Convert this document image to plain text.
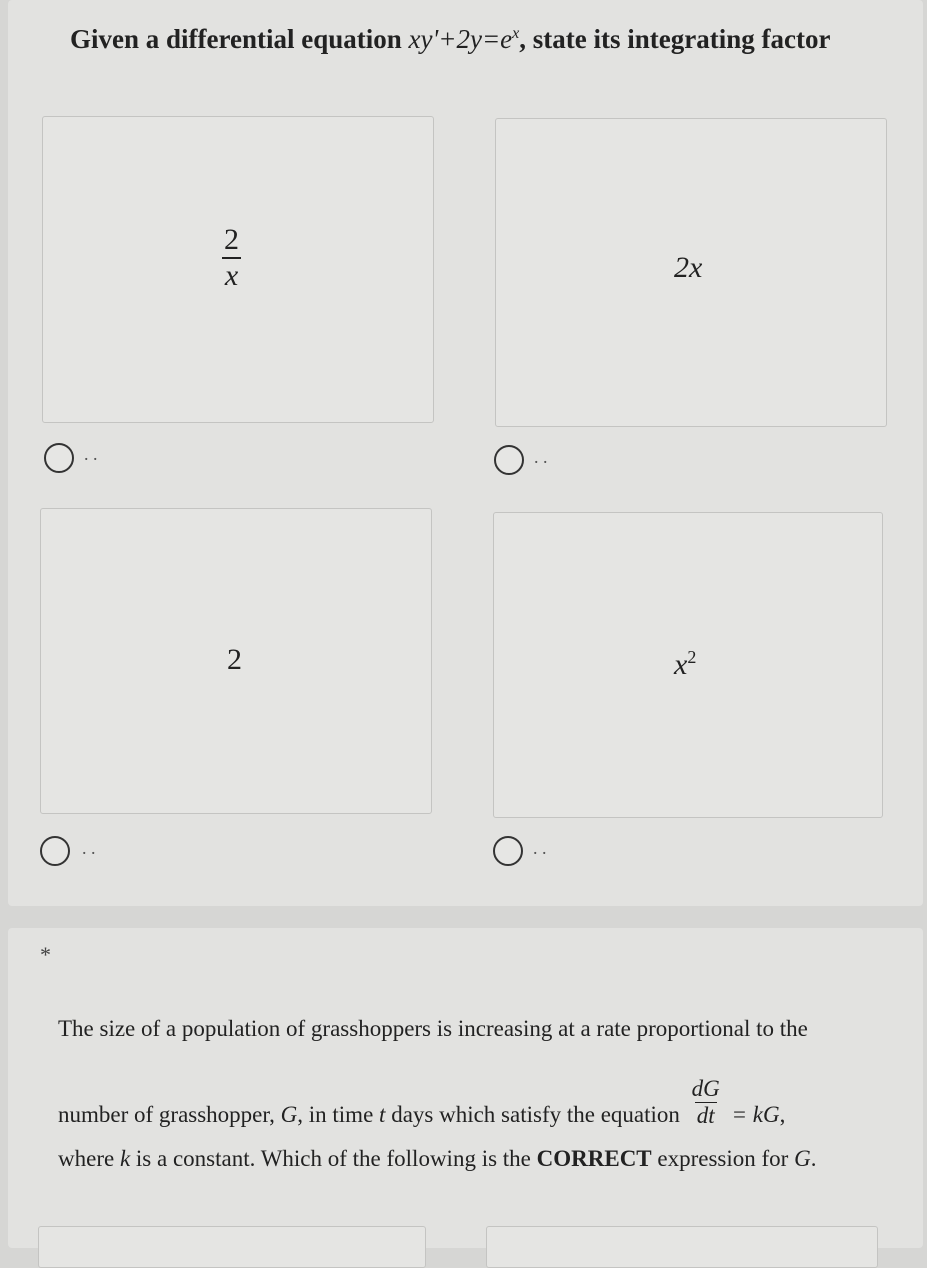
Given a differential equation $xy'+2y=e^x$, state its integrating factor
$\frac{2}{x}$
. .
2x
. .
2
. .
$x^2$
. .
*
The size of a population of grasshoppers is increasing at a rate proportional to the
number of grasshopper, G, in time t days which satisfy the equation $\frac{dG}{dt}$ = kG,
where k is a constant. Which of the following is the CORRECT expression for G.
